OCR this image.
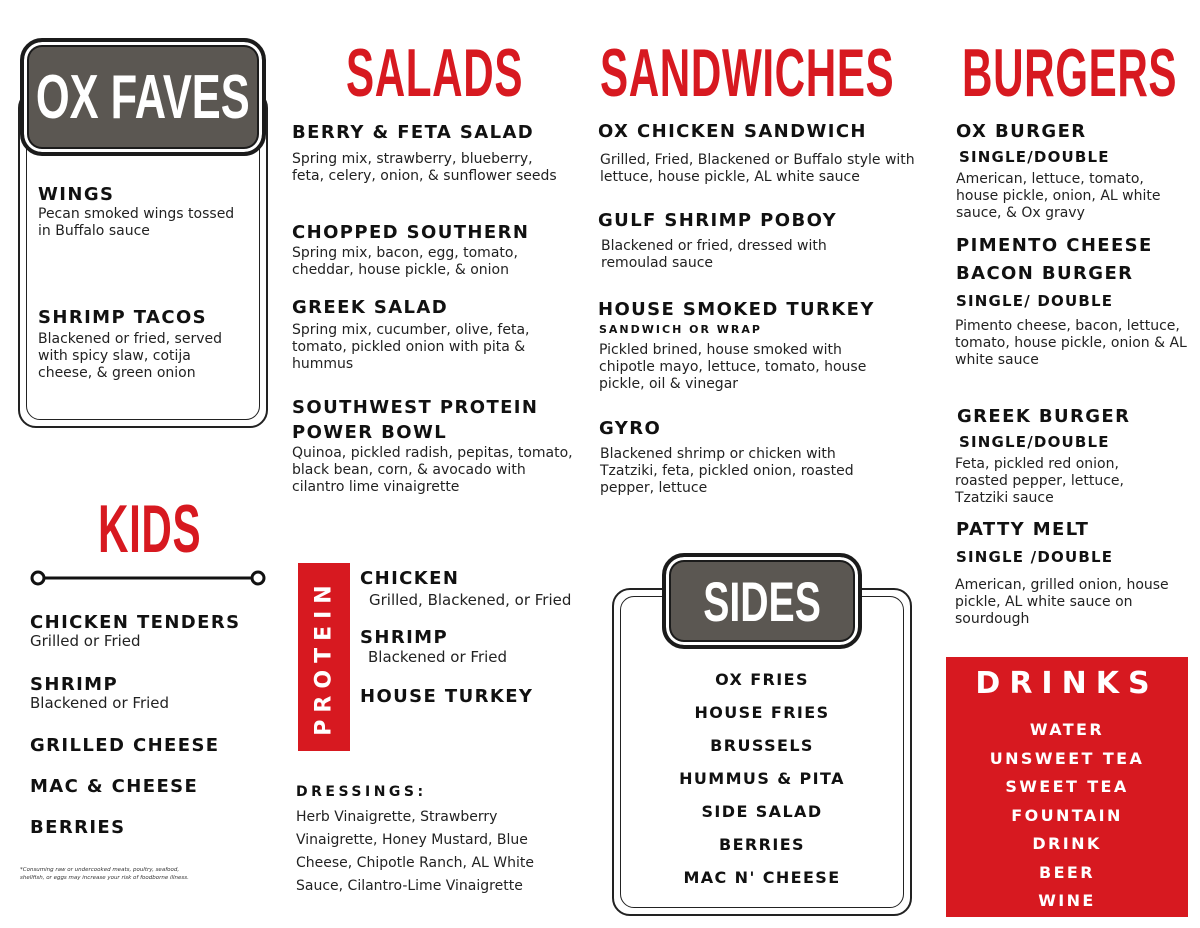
OX FAVES
WINGS
Pecan smoked wings tossed in Buffalo sauce
SHRIMP TACOS
Blackened or fried, served with spicy slaw, cotija cheese, & green onion
SALADS
BERRY & FETA SALAD
Spring mix, strawberry, blueberry, feta, celery, onion, & sunflower seeds
CHOPPED SOUTHERN
Spring mix, bacon, egg, tomato, cheddar, house pickle, & onion
GREEK SALAD
Spring mix, cucumber, olive, feta, tomato, pickled onion with pita & hummus
SOUTHWEST PROTEIN
POWER BOWL
Quinoa, pickled radish, pepitas, tomato, black bean, corn, & avocado with cilantro lime vinaigrette
SANDWICHES
OX CHICKEN SANDWICH
Grilled, Fried, Blackened or Buffalo style with lettuce, house pickle, AL white sauce
GULF SHRIMP POBOY
Blackened or fried, dressed with remoulad sauce
HOUSE SMOKED TURKEY
SANDWICH OR WRAP
Pickled brined, house smoked with chipotle mayo, lettuce, tomato, house pickle, oil & vinegar
GYRO
Blackened shrimp or chicken with Tzatziki, feta, pickled onion, roasted pepper, lettuce
BURGERS
OX BURGER
SINGLE/DOUBLE
American, lettuce, tomato, house pickle, onion, AL white sauce, & Ox gravy
PIMENTO CHEESE
BACON BURGER
SINGLE/ DOUBLE
Pimento cheese, bacon, lettuce, tomato, house pickle, onion & AL white sauce
GREEK BURGER
SINGLE/DOUBLE
Feta, pickled red onion, roasted pepper, lettuce, Tzatziki sauce
PATTY MELT
SINGLE /DOUBLE
American, grilled onion, house pickle, AL white sauce on sourdough
KIDS
CHICKEN TENDERS
Grilled or Fried
SHRIMP
Blackened or Fried
GRILLED CHEESE
MAC & CHEESE
BERRIES
*Consuming raw or undercooked meats, poultry, seafood, shellfish, or eggs may increase your risk of foodborne illness.
PROTEIN CHICKEN
Grilled, Blackened, or Fried
SHRIMP
Blackened or Fried
HOUSE TURKEY
DRESSINGS:
Herb Vinaigrette, Strawberry Vinaigrette, Honey Mustard, Blue Cheese, Chipotle Ranch, AL White Sauce, Cilantro-Lime Vinaigrette
SIDES
OX FRIES
HOUSE FRIES
BRUSSELS
HUMMUS & PITA
SIDE SALAD
BERRIES
MAC N' CHEESE
DRINKS
WATER
UNSWEET TEA
SWEET TEA
FOUNTAIN
DRINK
BEER
WINE
